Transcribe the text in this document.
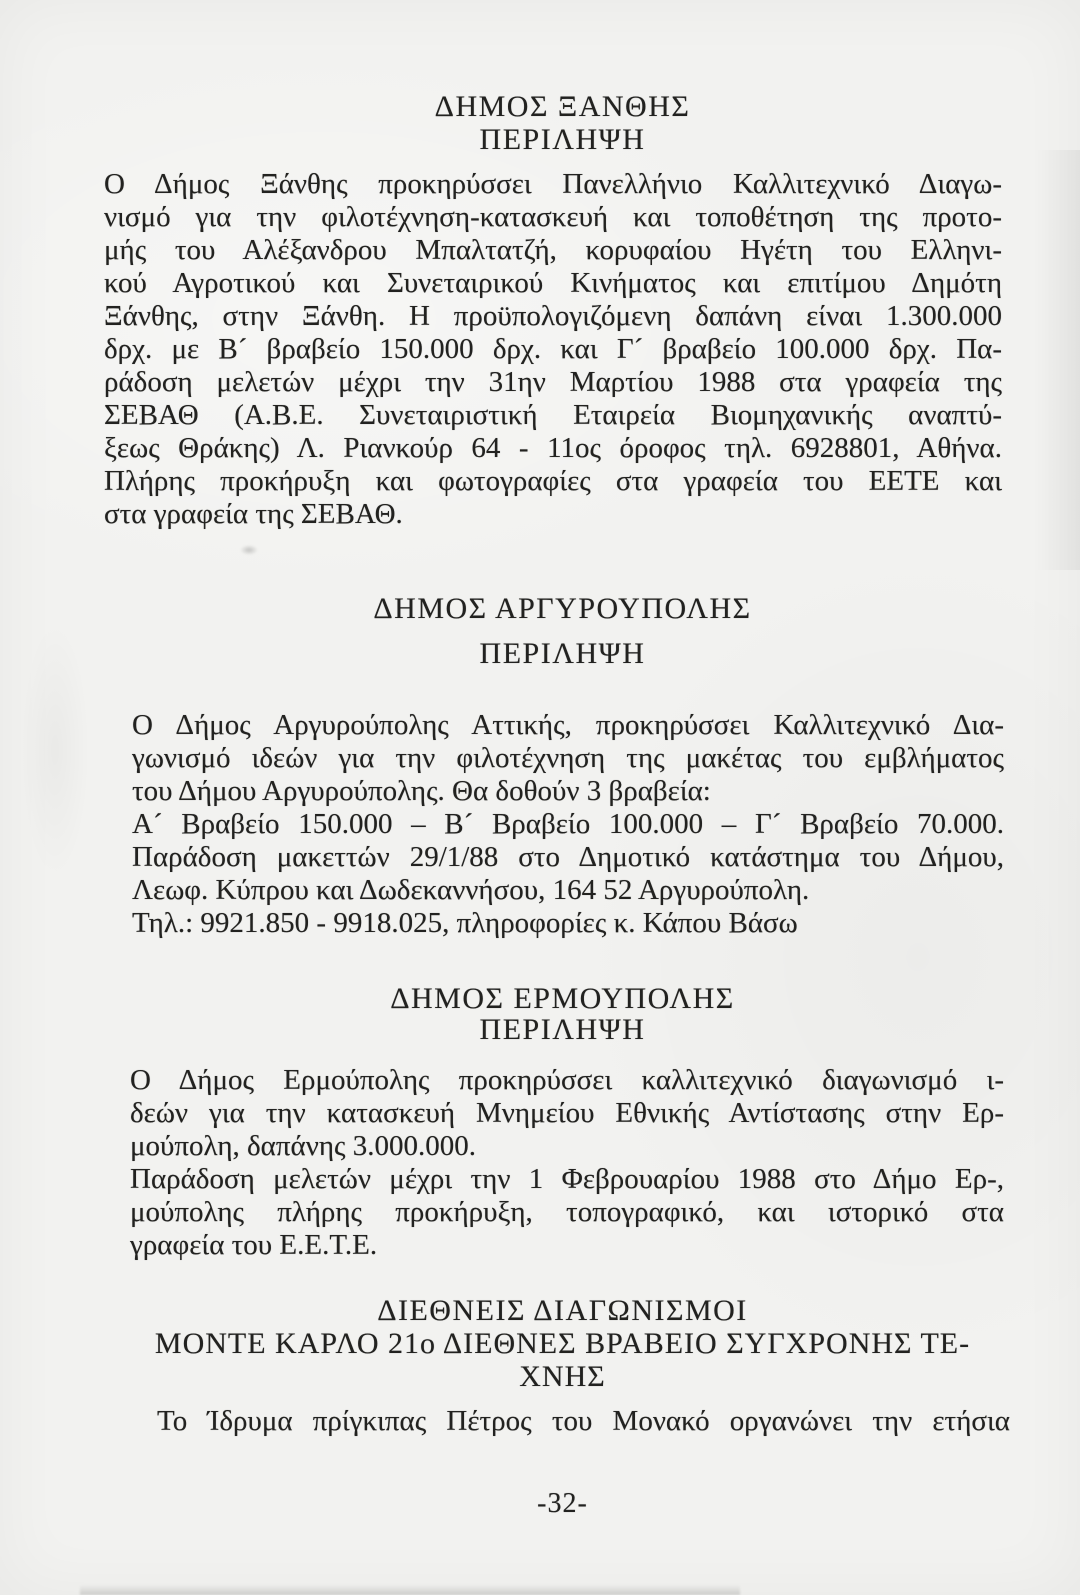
ΔΗΜΟΣ ΞΑΝΘΗΣ
ΠΕΡΙΛΗΨΗ
Ο Δήμος Ξάνθης προκηρύσσει Πανελλήνιο Καλλιτεχνικό Διαγω-
νισμό για την φιλοτέχνηση-κατασκευή και τοποθέτηση της προτο-
μής του Αλέξανδρου Μπαλτατζή, κορυφαίου Ηγέτη του Ελληνι-
κού Αγροτικού και Συνεταιρικού Κινήματος και επιτίμου Δημότη
Ξάνθης, στην Ξάνθη. Η προϋπολογιζόμενη δαπάνη είναι 1.300.000
δρχ. με Β´ βραβείο 150.000 δρχ. και Γ´ βραβείο 100.000 δρχ. Πα-
ράδοση μελετών μέχρι την 31ην Μαρτίου 1988 στα γραφεία της
ΣΕΒΑΘ (Α.Β.Ε. Συνεταιριστική Εταιρεία Βιομηχανικής αναπτύ-
ξεως Θράκης) Λ. Ριανκούρ 64 - 11ος όροφος τηλ. 6928801, Αθήνα.
Πλήρης προκήρυξη και φωτογραφίες στα γραφεία του ΕΕΤΕ και
στα γραφεία της ΣΕΒΑΘ.
ΔΗΜΟΣ ΑΡΓΥΡΟΥΠΟΛΗΣ
ΠΕΡΙΛΗΨΗ
Ο Δήμος Αργυρούπολης Αττικής, προκηρύσσει Καλλιτεχνικό Δια-
γωνισμό ιδεών για την φιλοτέχνηση της μακέτας του εμβλήματος
του Δήμου Αργυρούπολης. Θα δοθούν 3 βραβεία:
Α´ Βραβείο 150.000 – Β´ Βραβείο 100.000 – Γ´ Βραβείο 70.000.
Παράδοση μακεττών 29/1/88 στο Δημοτικό κατάστημα του Δήμου,
Λεωφ. Κύπρου και Δωδεκαννήσου, 164 52 Αργυρούπολη.
Τηλ.: 9921.850 - 9918.025, πληροφορίες κ. Κάπου Βάσω
ΔΗΜΟΣ ΕΡΜΟΥΠΟΛΗΣ
ΠΕΡΙΛΗΨΗ
Ο Δήμος Ερμούπολης προκηρύσσει καλλιτεχνικό διαγωνισμό ι-
δεών για την κατασκευή Μνημείου Εθνικής Αντίστασης στην Ερ-
μούπολη, δαπάνης 3.000.000.
Παράδοση μελετών μέχρι την 1 Φεβρουαρίου 1988 στο Δήμο Ερ-,
μούπολης πλήρης προκήρυξη, τοπογραφικό, και ιστορικό στα
γραφεία του Ε.Ε.Τ.Ε.
ΔΙΕΘΝΕΙΣ ΔΙΑΓΩΝΙΣΜΟΙ
ΜΟΝΤΕ ΚΑΡΛΟ 21ο ΔΙΕΘΝΕΣ ΒΡΑΒΕΙΟ ΣΥΓΧΡΟΝΗΣ ΤΕ-
ΧΝΗΣ
Το Ίδρυμα πρίγκιπας Πέτρος του Μονακό οργανώνει την ετήσια
-32-
